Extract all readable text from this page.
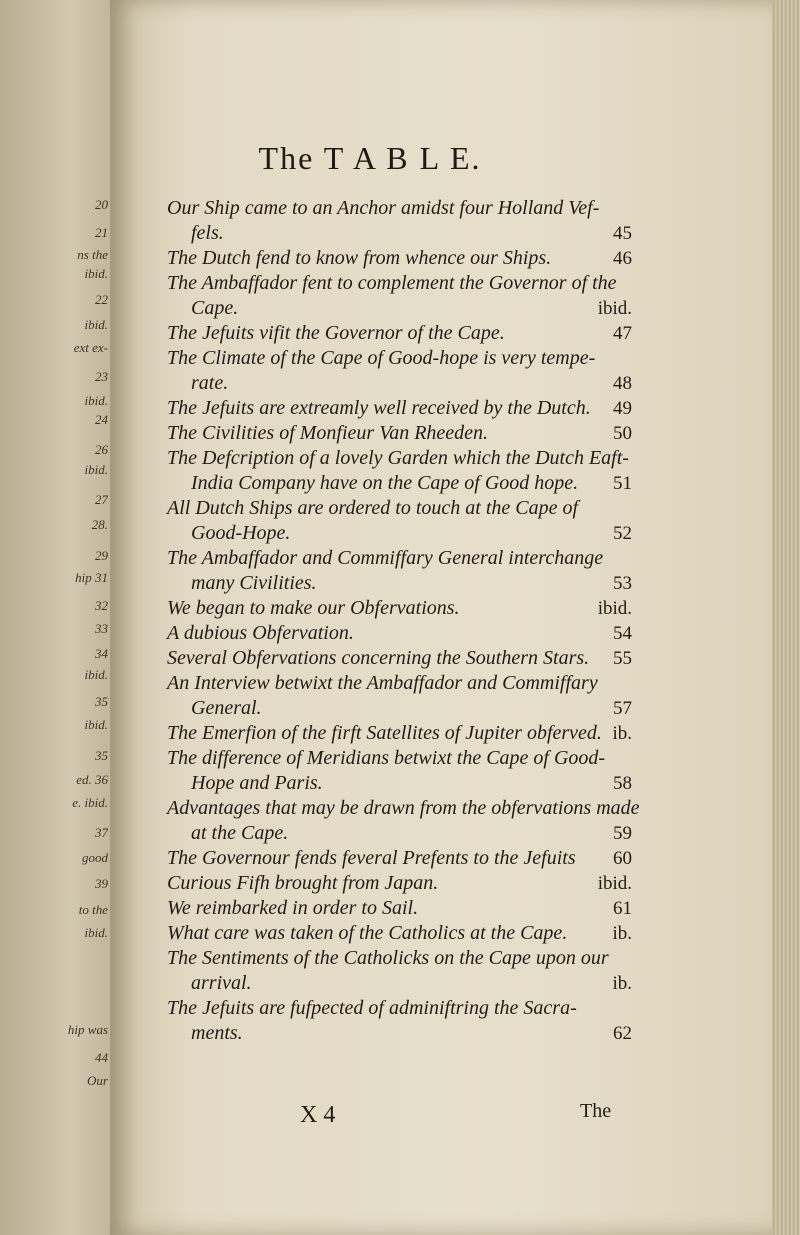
20
21
ns the
ibid.
22
ibid.
ext ex-
23
ibid.
24
26
ibid.
27
28.
29
hip 31
32
33
34
ibid.
35
ibid.
35
ed. 36
e. ibid.
37
good
39
to the
ibid.
hip was
44
Our
The T A B L E.
Our Ship came to an Anchor amidst four Holland Vef-
fels.	45
The Dutch fend to know from whence our Ships.	46
The Ambaffador fent to complement the Governor of the
Cape.	ibid.
The Jefuits vifit the Governor of the Cape.	47
The Climate of the Cape of Good-hope is very tempe-
rate.	48
The Jefuits are extreamly well received by the Dutch.	49
The Civilities of Monfieur Van Rheeden.	50
The Defcription of a lovely Garden which the Dutch Eaft-
India Company have on the Cape of Good hope.	51
All Dutch Ships are ordered to touch at the Cape of
Good-Hope.	52
The Ambaffador and Commiffary General interchange
many Civilities.	53
We began to make our Obfervations.	ibid.
A dubious Obfervation.	54
Several Obfervations concerning the Southern Stars.	55
An Interview betwixt the Ambaffador and Commiffary
General.	57
The Emerfion of the firft Satellites of Jupiter obferved. ib.
The difference of Meridians betwixt the Cape of Good-
Hope and Paris.	58
Advantages that may be drawn from the obfervations made
at the Cape.	59
The Governour fends feveral Prefents to the Jefuits	60
Curious Fifh brought from Japan.	ibid.
We reimbarked in order to Sail.	61
What care was taken of the Catholics at the Cape.	ib.
The Sentiments of the Catholicks on the Cape upon our
arrival.	ib.
The Jefuits are fufpected of adminiftring the Sacra-
ments.	62
X 4	The
